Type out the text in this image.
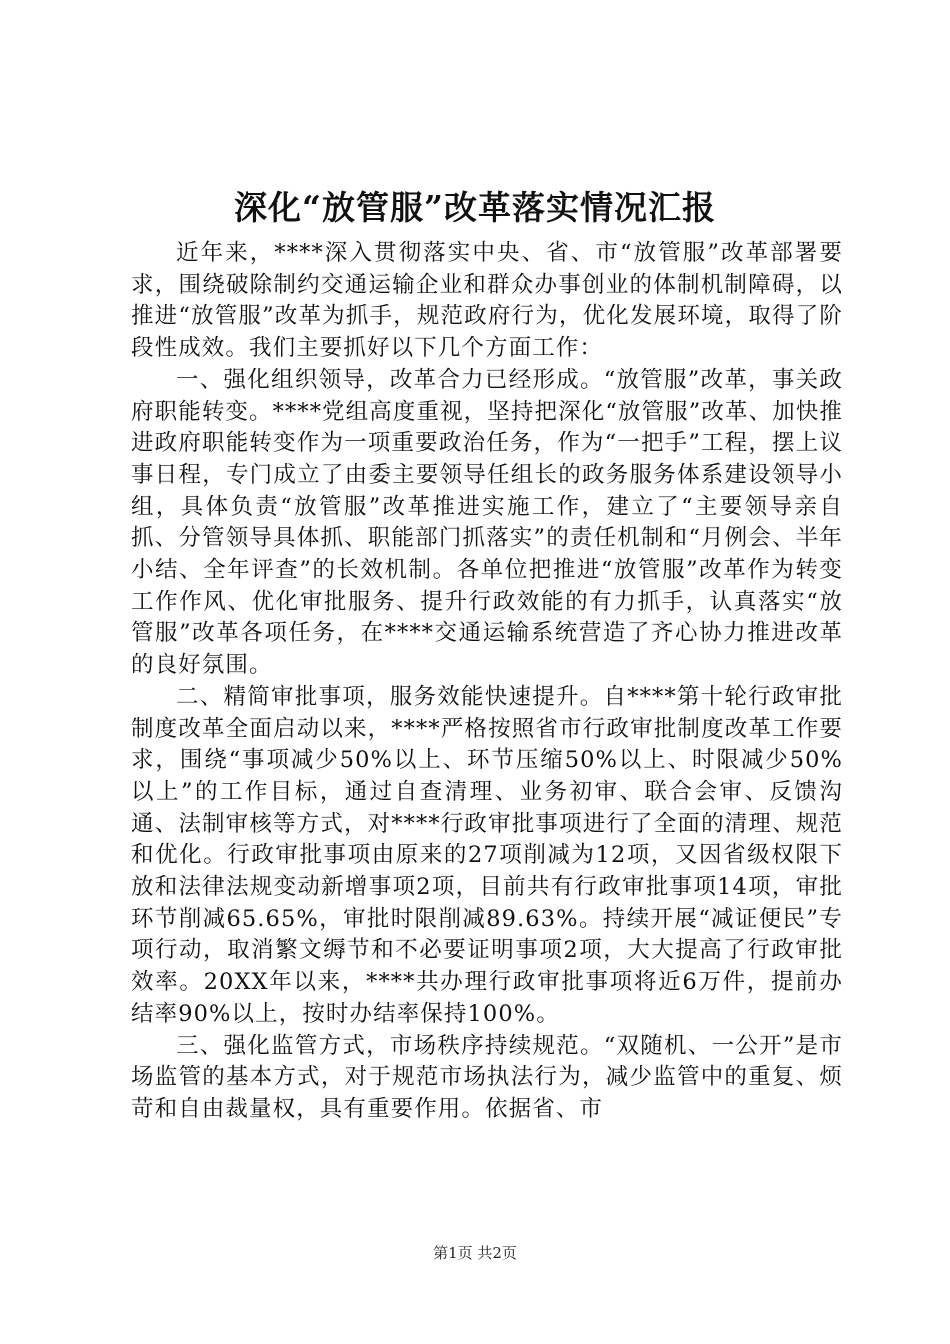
深化“放管服”改革落实情况汇报

近年来，****深入贯彻落实中央、省、市“放管服”改革部署要求，围绕破除制约交通运输企业和群众办事创业的体制机制障碍，以推进“放管服”改革为抓手，规范政府行为，优化发展环境，取得了阶段性成效。我们主要抓好以下几个方面工作：

一、强化组织领导，改革合力已经形成。“放管服”改革，事关政府职能转变。****党组高度重视，坚持把深化“放管服”改革、加快推进政府职能转变作为一项重要政治任务，作为“一把手”工程，摆上议事日程，专门成立了由委主要领导任组长的政务服务体系建设领导小组，具体负责“放管服”改革推进实施工作，建立了“主要领导亲自抓、分管领导具体抓、职能部门抓落实”的责任机制和“月例会、半年小结、全年评查”的长效机制。各单位把推进“放管服”改革作为转变工作作风、优化审批服务、提升行政效能的有力抓手，认真落实“放管服”改革各项任务，在****交通运输系统营造了齐心协力推进改革的良好氛围。

二、精简审批事项，服务效能快速提升。自****第十轮行政审批制度改革全面启动以来，****严格按照省市行政审批制度改革工作要求，围绕“事项减少50%以上、环节压缩50%以上、时限减少50%以上”的工作目标，通过自查清理、业务初审、联合会审、反馈沟通、法制审核等方式，对****行政审批事项进行了全面的清理、规范和优化。行政审批事项由原来的27项削减为12项，又因省级权限下放和法律法规变动新增事项2项，目前共有行政审批事项14项，审批环节削减65.65%，审批时限削减89.63%。持续开展“减证便民”专项行动，取消繁文缛节和不必要证明事项2项，大大提高了行政审批效率。20XX年以来，****共办理行政审批事项将近6万件，提前办结率90%以上，按时办结率保持100%。

三、强化监管方式，市场秩序持续规范。“双随机、一公开”是市场监管的基本方式，对于规范市场执法行为，减少监管中的重复、烦苛和自由裁量权，具有重要作用。依据省、市

第1页 共2页
